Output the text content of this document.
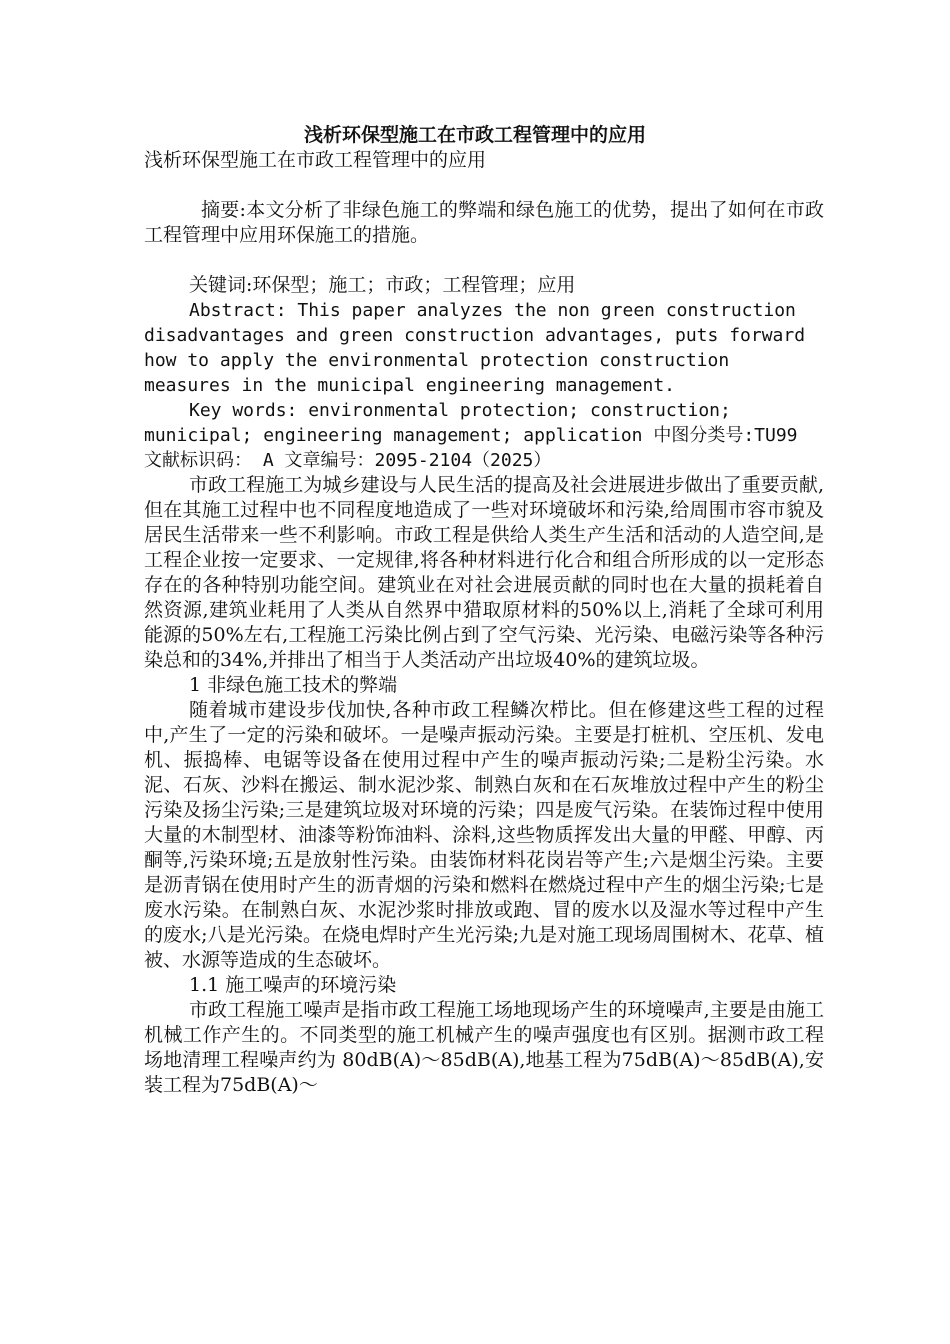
浅析环保型施工在市政工程管理中的应用

浅析环保型施工在市政工程管理中的应用

摘要:本文分析了非绿色施工的弊端和绿色施工的优势，提出了如何在市政工程管理中应用环保施工的措施。

关键词:环保型；施工；市政；工程管理；应用

Abstract: This paper analyzes the non green construction disadvantages and green construction advantages, puts forward how to apply the environmental protection construction measures in the municipal engineering management.

Key words: environmental protection; construction; municipal; engineering management; application 中图分类号:TU99 文献标识码： A 文章编号：2095-2104（2025）

市政工程施工为城乡建设与人民生活的提高及社会进展进步做出了重要贡献,但在其施工过程中也不同程度地造成了一些对环境破坏和污染,给周围市容市貌及居民生活带来一些不利影响。市政工程是供给人类生产生活和活动的人造空间,是工程企业按一定要求、一定规律,将各种材料进行化合和组合所形成的以一定形态存在的各种特别功能空间。建筑业在对社会进展贡献的同时也在大量的损耗着自然资源,建筑业耗用了人类从自然界中猎取原材料的50%以上,消耗了全球可利用能源的50%左右,工程施工污染比例占到了空气污染、光污染、电磁污染等各种污染总和的34%,并排出了相当于人类活动产出垃圾40%的建筑垃圾。

1 非绿色施工技术的弊端

随着城市建设步伐加快,各种市政工程鳞次栉比。但在修建这些工程的过程中,产生了一定的污染和破坏。一是噪声振动污染。主要是打桩机、空压机、发电机、振捣棒、电锯等设备在使用过程中产生的噪声振动污染;二是粉尘污染。水泥、石灰、沙料在搬运、制水泥沙浆、制熟白灰和在石灰堆放过程中产生的粉尘污染及扬尘污染;三是建筑垃圾对环境的污染；四是废气污染。在装饰过程中使用大量的木制型材、油漆等粉饰油料、涂料,这些物质挥发出大量的甲醛、甲醇、丙酮等,污染环境;五是放射性污染。由装饰材料花岗岩等产生;六是烟尘污染。主要是沥青锅在使用时产生的沥青烟的污染和燃料在燃烧过程中产生的烟尘污染;七是废水污染。在制熟白灰、水泥沙浆时排放或跑、冒的废水以及湿水等过程中产生的废水;八是光污染。在烧电焊时产生光污染;九是对施工现场周围树木、花草、植被、水源等造成的生态破坏。

1.1 施工噪声的环境污染

市政工程施工噪声是指市政工程施工场地现场产生的环境噪声,主要是由施工机械工作产生的。不同类型的施工机械产生的噪声强度也有区别。据测市政工程场地清理工程噪声约为 80dB(A)～85dB(A),地基工程为75dB(A)～85dB(A),安装工程为75dB(A)～
